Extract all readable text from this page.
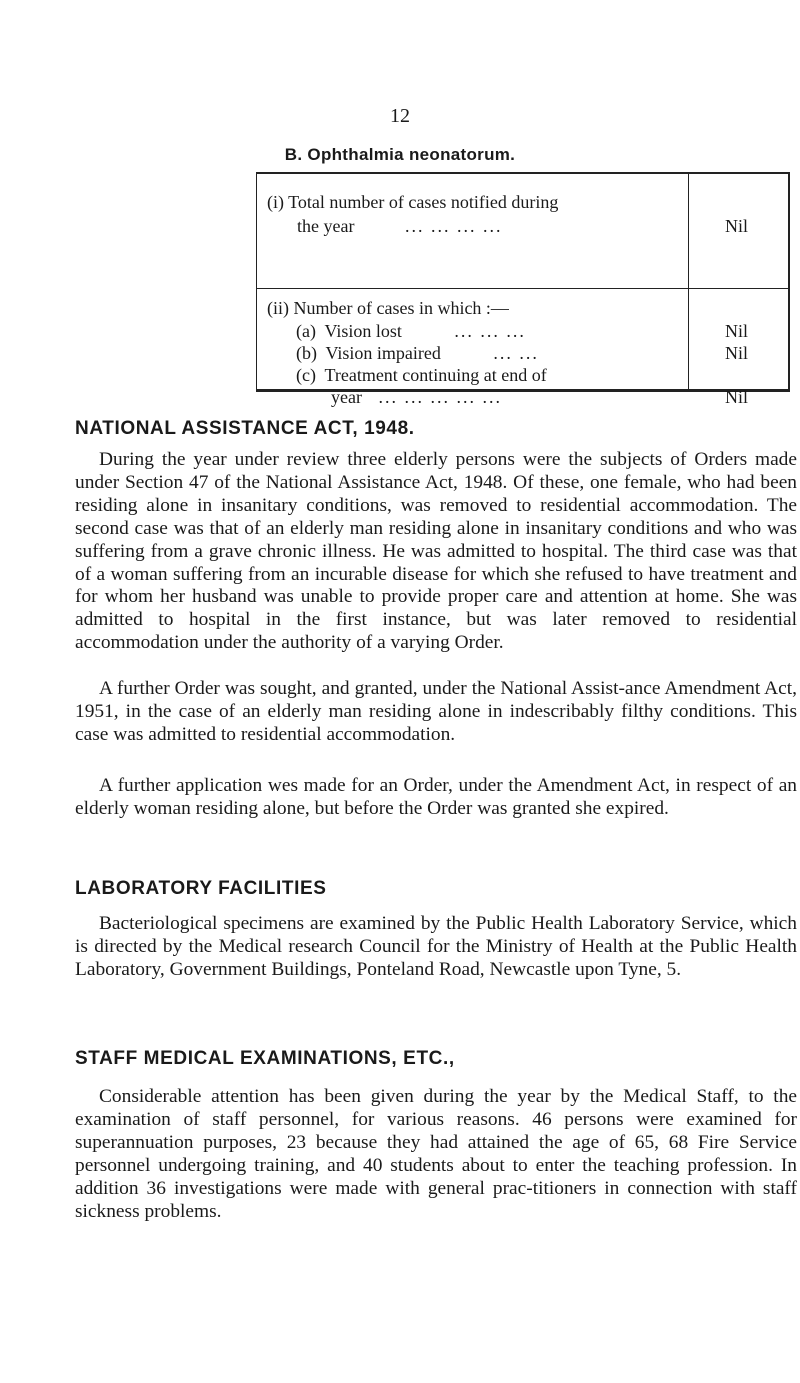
12
B. Ophthalmia neonatorum.
(i) Total number of cases notified during
the year	... ... ... ...	Nil
(ii) Number of cases in which :—
(a) Vision lost	... ... ...	Nil
(b) Vision impaired	... ...	Nil
(c) Treatment continuing at end of
year ... ... ... ... ...	Nil
NATIONAL ASSISTANCE ACT, 1948.

During the year under review three elderly persons were the subjects of Orders made under Section 47 of the National Assistance Act, 1948. Of these, one female, who had been residing alone in insanitary conditions, was removed to residential accommodation. The second case was that of an elderly man residing alone in insanitary conditions and who was suffering from a grave chronic illness. He was admitted to hospital. The third case was that of a woman suffering from an incurable disease for which she refused to have treatment and for whom her husband was unable to provide proper care and attention at home. She was admitted to hospital in the first instance, but was later removed to residential accommodation under the authority of a varying Order.

A further Order was sought, and granted, under the National Assist-ance Amendment Act, 1951, in the case of an elderly man residing alone in indescribably filthy conditions. This case was admitted to residential accommodation.

A further application wes made for an Order, under the Amendment Act, in respect of an elderly woman residing alone, but before the Order was granted she expired.

LABORATORY FACILITIES

Bacteriological specimens are examined by the Public Health Laboratory Service, which is directed by the Medical research Council for the Ministry of Health at the Public Health Laboratory, Government Buildings, Ponteland Road, Newcastle upon Tyne, 5.

STAFF MEDICAL EXAMINATIONS, ETC.,

Considerable attention has been given during the year by the Medical Staff, to the examination of staff personnel, for various reasons. 46 persons were examined for superannuation purposes, 23 because they had attained the age of 65, 68 Fire Service personnel undergoing training, and 40 students about to enter the teaching profession. In addition 36 investigations were made with general prac-titioners in connection with staff sickness problems.
